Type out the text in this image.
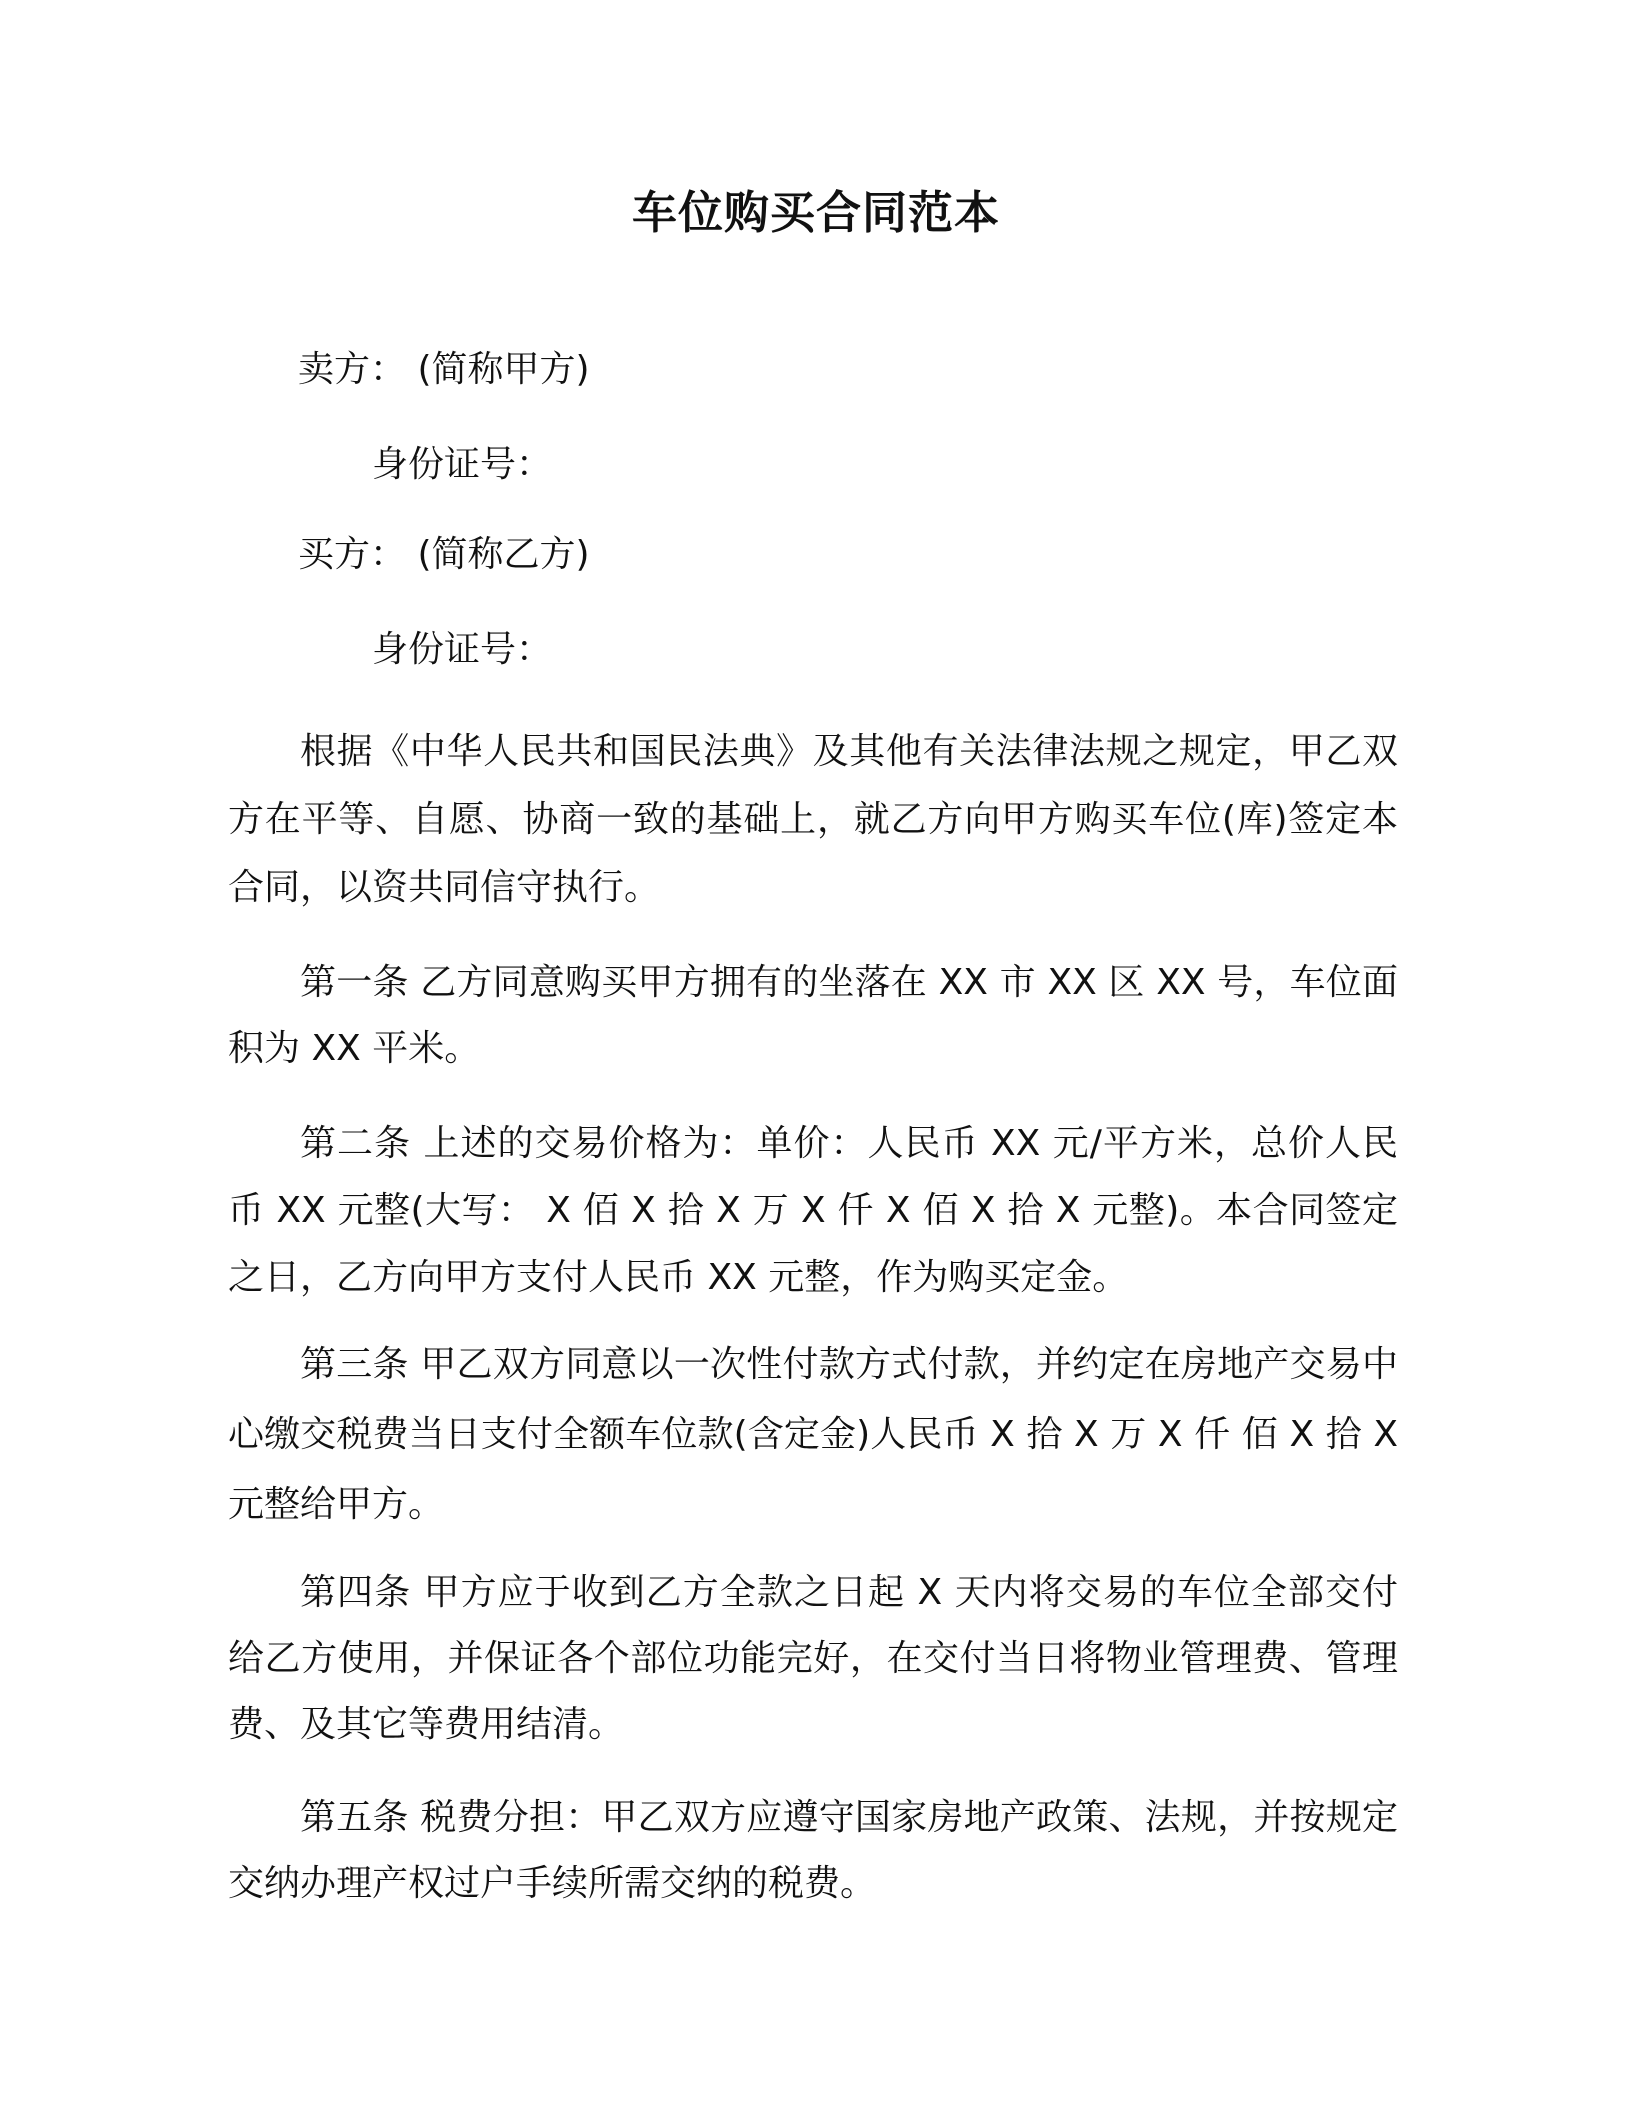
车位购买合同范本
卖方： (简称甲方)
身份证号：
买方： (简称乙方)
身份证号：
根据《中华人民共和国民法典》及其他有关法律法规之规定，甲乙双方在平等、自愿、协商一致的基础上，就乙方向甲方购买车位(库)签定本合同，以资共同信守执行。
第一条 乙方同意购买甲方拥有的坐落在 XX 市 XX 区 XX 号，车位面积为 XX 平米。
第二条 上述的交易价格为：单价：人民币 XX 元/平方米，总价人民币 XX 元整(大写： X 佰 X 拾 X 万 X 仟 X 佰 X 拾 X 元整)。本合同签定之日，乙方向甲方支付人民币 XX 元整，作为购买定金。
第三条 甲乙双方同意以一次性付款方式付款，并约定在房地产交易中心缴交税费当日支付全额车位款(含定金)人民币 X 拾 X 万 X 仟 佰 X 拾 X 元整给甲方。
第四条 甲方应于收到乙方全款之日起 X 天内将交易的车位全部交付给乙方使用，并保证各个部位功能完好，在交付当日将物业管理费、管理费、及其它等费用结清。
第五条 税费分担：甲乙双方应遵守国家房地产政策、法规，并按规定交纳办理产权过户手续所需交纳的税费。
